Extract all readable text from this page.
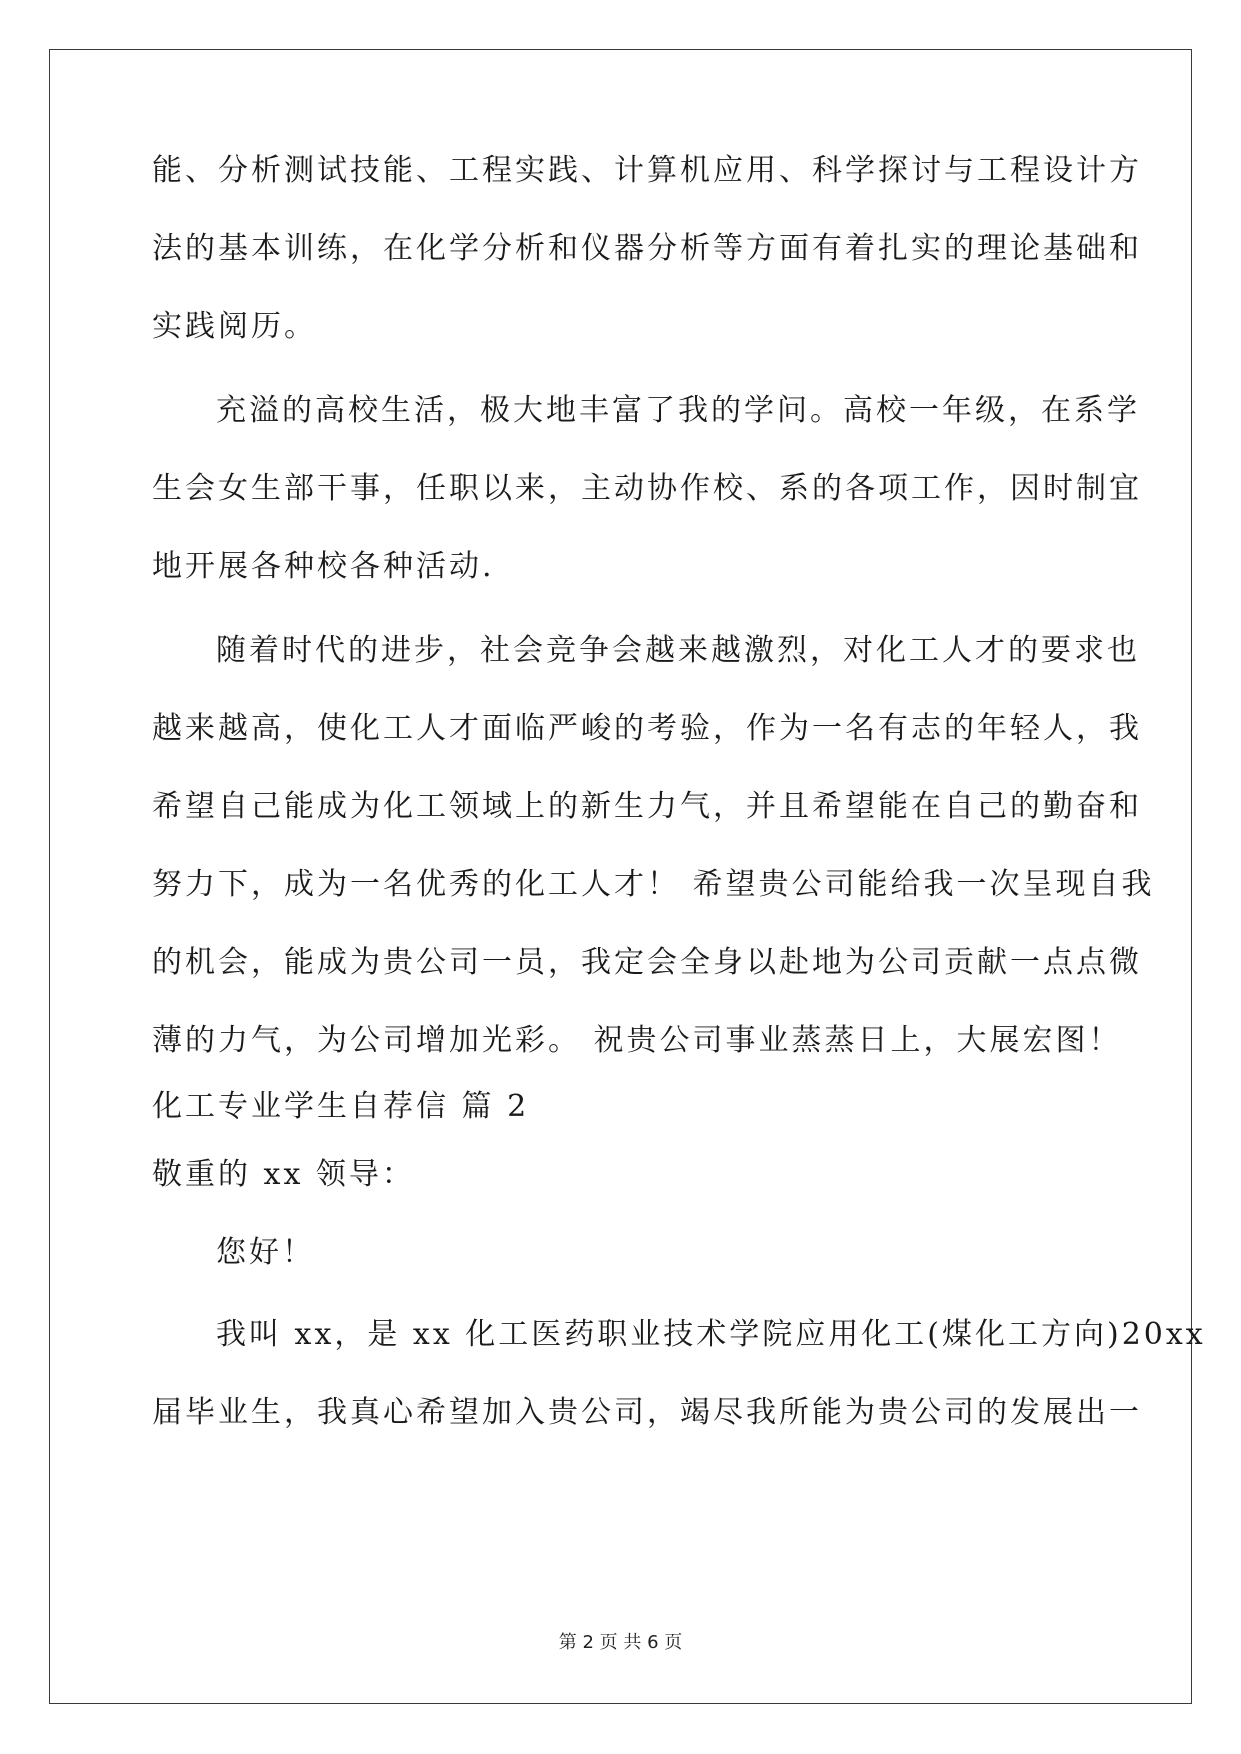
能、分析测试技能、工程实践、计算机应用、科学探讨与工程设计方
法的基本训练，在化学分析和仪器分析等方面有着扎实的理论基础和
实践阅历。
充溢的高校生活，极大地丰富了我的学问。高校一年级，在系学
生会女生部干事，任职以来，主动协作校、系的各项工作，因时制宜
地开展各种校各种活动.
随着时代的进步，社会竞争会越来越激烈，对化工人才的要求也
越来越高，使化工人才面临严峻的考验，作为一名有志的年轻人，我
希望自己能成为化工领域上的新生力气，并且希望能在自己的勤奋和
努力下，成为一名优秀的化工人才！ 希望贵公司能给我一次呈现自我
的机会，能成为贵公司一员，我定会全身以赴地为公司贡献一点点微
薄的力气，为公司增加光彩。 祝贵公司事业蒸蒸日上，大展宏图！
化工专业学生自荐信 篇 2
敬重的 xx 领导：
您好！
我叫 xx，是 xx 化工医药职业技术学院应用化工(煤化工方向)20xx
届毕业生，我真心希望加入贵公司，竭尽我所能为贵公司的发展出一
第 2 页 共 6 页
